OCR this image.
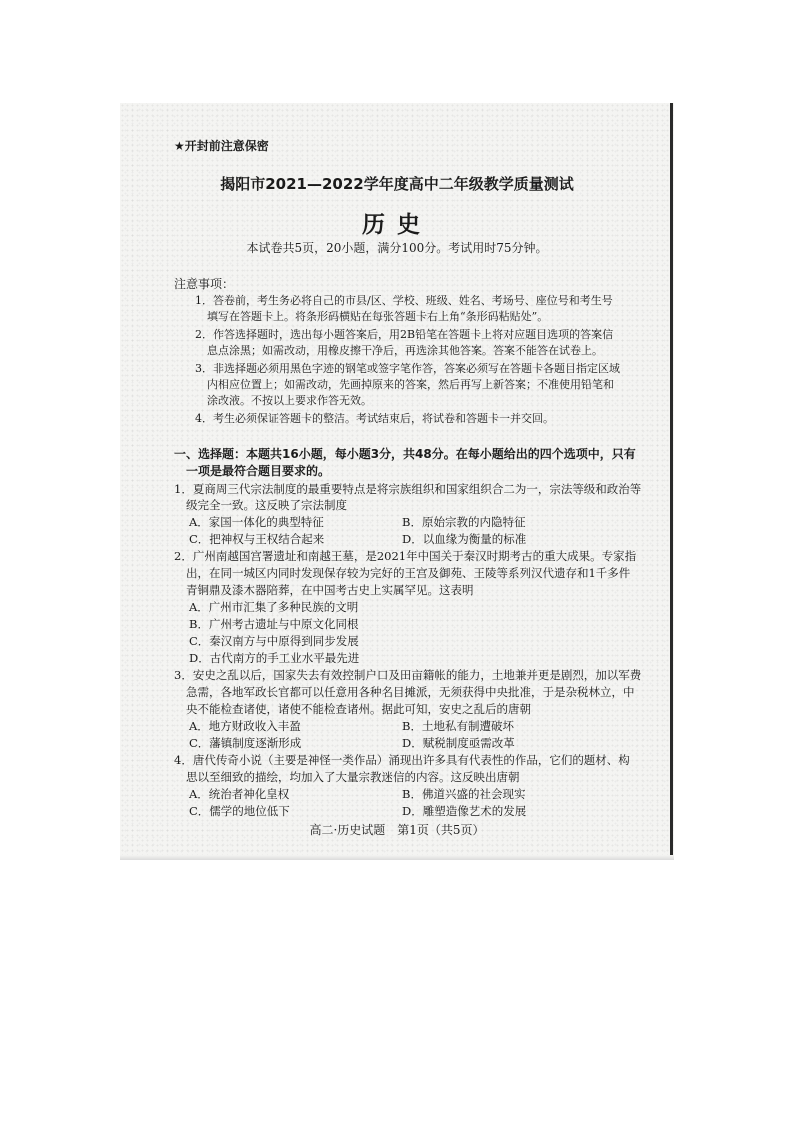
★开封前注意保密
揭阳市2021—2022学年度高中二年级教学质量测试
历史
本试卷共5页，20小题，满分100分。考试用时75分钟。
注意事项：
1．答卷前，考生务必将自己的市县/区、学校、班级、姓名、考场号、座位号和考生号
填写在答题卡上。将条形码横贴在每张答题卡右上角“条形码粘贴处”。
2．作答选择题时，选出每小题答案后，用2B铅笔在答题卡上将对应题目选项的答案信
息点涂黑；如需改动，用橡皮擦干净后，再选涂其他答案。答案不能答在试卷上。
3．非选择题必须用黑色字迹的钢笔或签字笔作答，答案必须写在答题卡各题目指定区域
内相应位置上；如需改动，先画掉原来的答案，然后再写上新答案；不准使用铅笔和
涂改液。不按以上要求作答无效。
4．考生必须保证答题卡的整洁。考试结束后，将试卷和答题卡一并交回。
一、选择题：本题共16小题，每小题3分，共48分。在每小题给出的四个选项中，只有
一项是最符合题目要求的。
1．夏商周三代宗法制度的最重要特点是将宗族组织和国家组织合二为一，宗法等级和政治等
级完全一致。这反映了宗法制度
A．家国一体化的典型特征	B．原始宗教的内隐特征
C．把神权与王权结合起来	D．以血缘为衡量的标准
2．广州南越国宫署遗址和南越王墓，是2021年中国关于秦汉时期考古的重大成果。专家指
出，在同一城区内同时发现保存较为完好的王宫及御苑、王陵等系列汉代遗存和1千多件
青铜鼎及漆木器陪葬，在中国考古史上实属罕见。这表明
A．广州市汇集了多种民族的文明
B．广州考古遗址与中原文化同根
C．秦汉南方与中原得到同步发展
D．古代南方的手工业水平最先进
3．安史之乱以后，国家失去有效控制户口及田亩籍帐的能力，土地兼并更是剧烈，加以军费
急需，各地军政长官都可以任意用各种名目摊派，无须获得中央批准，于是杂税林立，中
央不能检查诸使，诸使不能检查诸州。据此可知，安史之乱后的唐朝
A．地方财政收入丰盈	B．土地私有制遭破坏
C．藩镇制度逐渐形成	D．赋税制度亟需改革
4．唐代传奇小说（主要是神怪一类作品）涌现出许多具有代表性的作品，它们的题材、构
思以至细致的描绘，均加入了大量宗教迷信的内容。这反映出唐朝
A．统治者神化皇权	B．佛道兴盛的社会现实
C．儒学的地位低下	D．雕塑造像艺术的发展
高二·历史试题　第1页（共5页）
